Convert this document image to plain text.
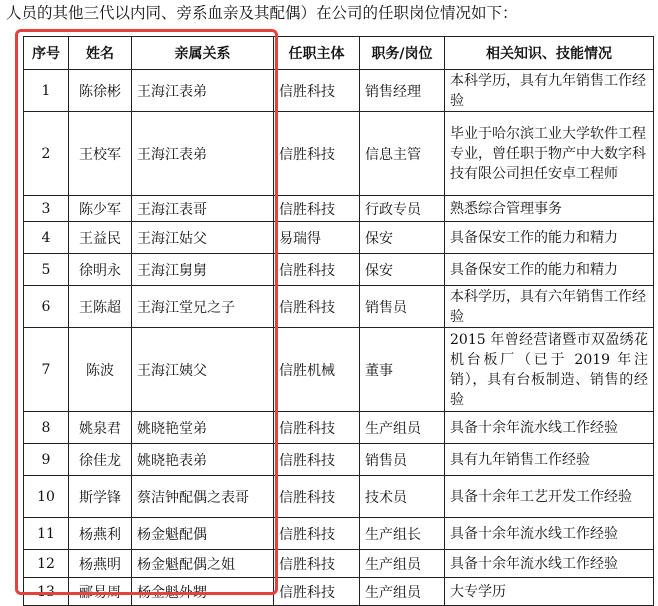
人员的其他三代以内同、旁系血亲及其配偶）在公司的任职岗位情况如下：
序号	姓名	亲属关系	任职主体	职务/岗位	相关知识、技能情况
1	陈徐彬	王海江表弟	信胜科技	销售经理	本科学历，具有九年销售工作经验
2	王校军	王海江表弟	信胜科技	信息主管	毕业于哈尔滨工业大学软件工程专业，曾任职于物产中大数字科技有限公司担任安卓工程师
3	陈少军	王海江表哥	信胜科技	行政专员	熟悉综合管理事务
4	王益民	王海江姑父	易瑞得	保安	具备保安工作的能力和精力
5	徐明永	王海江舅舅	信胜科技	保安	具备保安工作的能力和精力
6	王陈超	王海江堂兄之子	信胜科技	销售员	本科学历，具有六年销售工作经验
7	陈波	王海江姨父	信胜机械	董事	2015 年曾经营诸暨市双盈绣花机台板厂（已于 2019 年注销），具有台板制造、销售的经验
8	姚泉君	姚晓艳堂弟	信胜科技	生产组员	具备十余年流水线工作经验
9	徐佳龙	姚晓艳表弟	信胜科技	销售员	具有九年销售工作经验
10	斯学锋	蔡洁钟配偶之表哥	信胜科技	技术员	具备十余年工艺开发工作经验
11	杨燕利	杨金魁配偶	信胜科技	生产组长	具备十余年流水线工作经验
12	杨燕明	杨金魁配偶之姐	信胜科技	生产组员	具备十余年流水线工作经验
13	郦易周	杨金魁外甥	信胜科技	生产组员	大专学历
